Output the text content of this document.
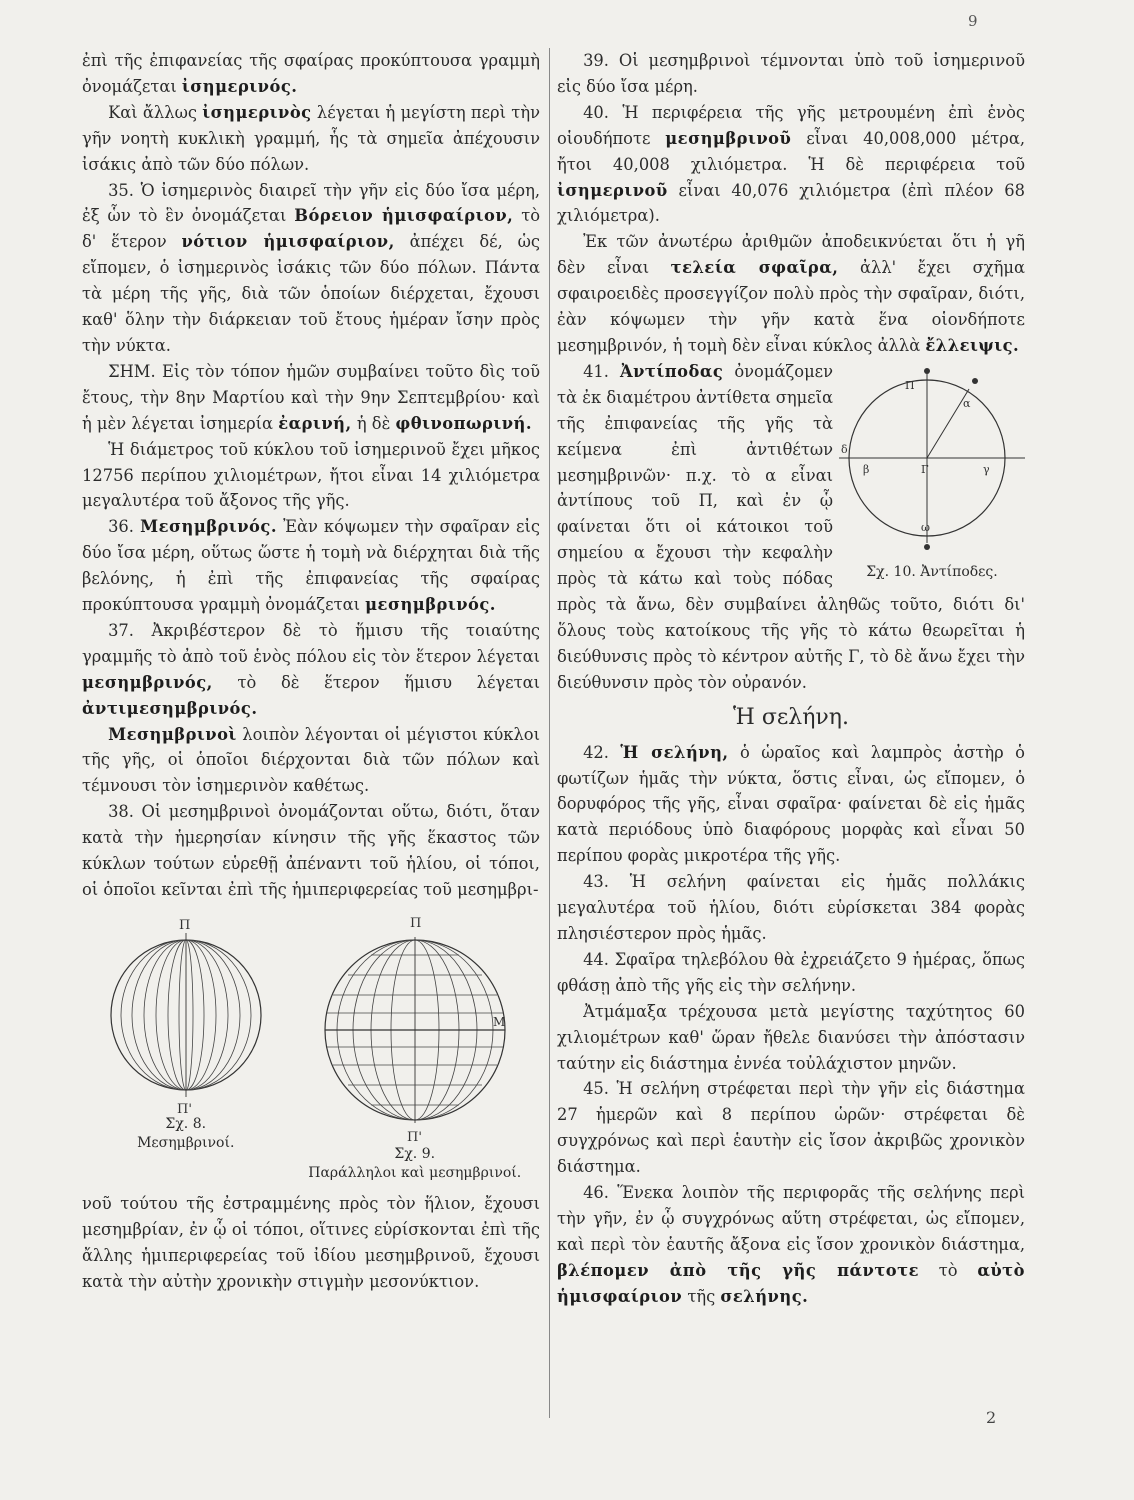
9

ἐπὶ τῆς ἐπιφανείας τῆς σφαίρας προκύπτουσα γραμμὴ ὀνομάζεται ἰσημερινός.

Καὶ ἄλλως ἰσημερινὸς λέγεται ἡ μεγίστη περὶ τὴν γῆν νοητὴ κυκλικὴ γραμμή, ἧς τὰ σημεῖα ἀπέχουσιν ἰσάκις ἀπὸ τῶν δύο πόλων.

35. Ὁ ἰσημερινὸς διαιρεῖ τὴν γῆν εἰς δύο ἴσα μέρη, ἐξ ὧν τὸ ἓν ὀνομάζεται Βόρειον ἡμισφαίριον, τὸ δ' ἕτερον νότιον ἡμισφαίριον, ἀπέχει δέ, ὡς εἴπομεν, ὁ ἰσημερινὸς ἰσάκις τῶν δύο πόλων. Πάντα τὰ μέρη τῆς γῆς, διὰ τῶν ὁποίων διέρχεται, ἔχουσι καθ' ὅλην τὴν διάρκειαν τοῦ ἔτους ἡμέραν ἴσην πρὸς τὴν νύκτα.

ΣΗΜ. Εἰς τὸν τόπον ἡμῶν συμβαίνει τοῦτο δὶς τοῦ ἔτους, τὴν 8ην Μαρτίου καὶ τὴν 9ην Σεπτεμβρίου· καὶ ἡ μὲν λέγεται ἰσημερία ἐαρινή, ἡ δὲ φθινοπωρινή.

Ἡ διάμετρος τοῦ κύκλου τοῦ ἰσημερινοῦ ἔχει μῆκος 12756 περίπου χιλιομέτρων, ἤτοι εἶναι 14 χιλιόμετρα μεγαλυτέρα τοῦ ἄξονος τῆς γῆς.

36. Μεσημβρινός. Ἐὰν κόψωμεν τὴν σφαῖραν εἰς δύο ἴσα μέρη, οὕτως ὥστε ἡ τομὴ νὰ διέρχηται διὰ τῆς βελόνης, ἡ ἐπὶ τῆς ἐπιφανείας τῆς σφαίρας προκύπτουσα γραμμὴ ὀνομάζεται μεσημβρινός.

37. Ἀκριβέστερον δὲ τὸ ἥμισυ τῆς τοιαύτης γραμμῆς τὸ ἀπὸ τοῦ ἑνὸς πόλου εἰς τὸν ἕτερον λέγεται μεσημβρινός, τὸ δὲ ἕτερον ἥμισυ λέγεται ἀντιμεσημβρινός.

Μεσημβρινοὶ λοιπὸν λέγονται οἱ μέγιστοι κύκλοι τῆς γῆς, οἱ ὁποῖοι διέρχονται διὰ τῶν πόλων καὶ τέμνουσι τὸν ἰσημερινὸν καθέτως.

38. Οἱ μεσημβρινοὶ ὀνομάζονται οὕτω, διότι, ὅταν κατὰ τὴν ἡμερησίαν κίνησιν τῆς γῆς ἕκαστος τῶν κύκλων τούτων εὑρεθῇ ἀπέναντι τοῦ ἡλίου, οἱ τόποι, οἱ ὁποῖοι κεῖνται ἐπὶ τῆς ἡμιπεριφερείας τοῦ μεσημβρι-

Π
Π'
Σχ. 8.
Μεσημβρινοί.
Π
Μ
Π'
Σχ. 9.
Παράλληλοι καὶ μεσημβρινοί.

νοῦ τούτου τῆς ἐστραμμένης πρὸς τὸν ἥλιον, ἔχουσι μεσημβρίαν, ἐν ᾧ οἱ τόποι, οἵτινες εὑρίσκονται ἐπὶ τῆς ἄλλης ἡμιπεριφερείας τοῦ ἰδίου μεσημβρινοῦ, ἔχουσι κατὰ τὴν αὐτὴν χρονικὴν στιγμὴν μεσονύκτιον.

39. Οἱ μεσημβρινοὶ τέμνονται ὑπὸ τοῦ ἰσημερινοῦ εἰς δύο ἴσα μέρη.

40. Ἡ περιφέρεια τῆς γῆς μετρουμένη ἐπὶ ἑνὸς οἱουδήποτε μεσημβρινοῦ εἶναι 40,008,000 μέτρα, ἤτοι 40,008 χιλιόμετρα. Ἡ δὲ περιφέρεια τοῦ ἰσημερινοῦ εἶναι 40,076 χιλιόμετρα (ἐπὶ πλέον 68 χιλιόμετρα).

Ἐκ τῶν ἀνωτέρω ἀριθμῶν ἀποδεικνύεται ὅτι ἡ γῆ δὲν εἶναι τελεία σφαῖρα, ἀλλ' ἔχει σχῆμα σφαιροειδὲς προσεγγίζον πολὺ πρὸς τὴν σφαῖραν, διότι, ἐὰν κόψωμεν τὴν γῆν κατὰ ἕνα οἱονδήποτε μεσημβρινόν, ἡ τομὴ δὲν εἶναι κύκλος ἀλλὰ ἔλλειψις.

Π
α
β	Γ	γ
δ
ω
Σχ. 10. Ἀντίποδες.

41. Ἀντίποδας ὀνομάζομεν τὰ ἐκ διαμέτρου ἀντίθετα σημεῖα τῆς ἐπιφανείας τῆς γῆς τὰ κείμενα ἐπὶ ἀντιθέτων μεσημβρινῶν· π.χ. τὸ α εἶναι ἀντίπους τοῦ Π, καὶ ἐν ᾧ φαίνεται ὅτι οἱ κάτοικοι τοῦ σημείου α ἔχουσι τὴν κεφαλὴν πρὸς τὰ κάτω καὶ τοὺς πόδας πρὸς τὰ ἄνω, δὲν συμβαίνει ἀληθῶς τοῦτο, διότι δι' ὅλους τοὺς κατοίκους τῆς γῆς τὸ κάτω θεωρεῖται ἡ διεύθυνσις πρὸς τὸ κέντρον αὐτῆς Γ, τὸ δὲ ἄνω ἔχει τὴν διεύθυνσιν πρὸς τὸν οὐρανόν.

Ἡ σελήνη.

42. Ἡ σελήνη, ὁ ὡραῖος καὶ λαμπρὸς ἀστὴρ ὁ φωτίζων ἡμᾶς τὴν νύκτα, ὅστις εἶναι, ὡς εἴπομεν, ὁ δορυφόρος τῆς γῆς, εἶναι σφαῖρα· φαίνεται δὲ εἰς ἡμᾶς κατὰ περιόδους ὑπὸ διαφόρους μορφὰς καὶ εἶναι 50 περίπου φορὰς μικροτέρα τῆς γῆς.

43. Ἡ σελήνη φαίνεται εἰς ἡμᾶς πολλάκις μεγαλυτέρα τοῦ ἡλίου, διότι εὑρίσκεται 384 φορὰς πλησιέστερον πρὸς ἡμᾶς.

44. Σφαῖρα τηλεβόλου θὰ ἐχρειάζετο 9 ἡμέρας, ὅπως φθάσῃ ἀπὸ τῆς γῆς εἰς τὴν σελήνην.

Ἀτμάμαξα τρέχουσα μετὰ μεγίστης ταχύτητος 60 χιλιομέτρων καθ' ὥραν ἤθελε διανύσει τὴν ἀπόστασιν ταύτην εἰς διάστημα ἐννέα τοὐλάχιστον μηνῶν.

45. Ἡ σελήνη στρέφεται περὶ τὴν γῆν εἰς διάστημα 27 ἡμερῶν καὶ 8 περίπου ὡρῶν· στρέφεται δὲ συγχρόνως καὶ περὶ ἑαυτὴν εἰς ἴσον ἀκριβῶς χρονικὸν διάστημα.

46. Ἕνεκα λοιπὸν τῆς περιφορᾶς τῆς σελήνης περὶ τὴν γῆν, ἐν ᾧ συγχρόνως αὕτη στρέφεται, ὡς εἴπομεν, καὶ περὶ τὸν ἑαυτῆς ἄξονα εἰς ἴσον χρονικὸν διάστημα, βλέπομεν ἀπὸ τῆς γῆς πάντοτε τὸ αὐτὸ ἡμισφαίριον τῆς σελήνης.

2
